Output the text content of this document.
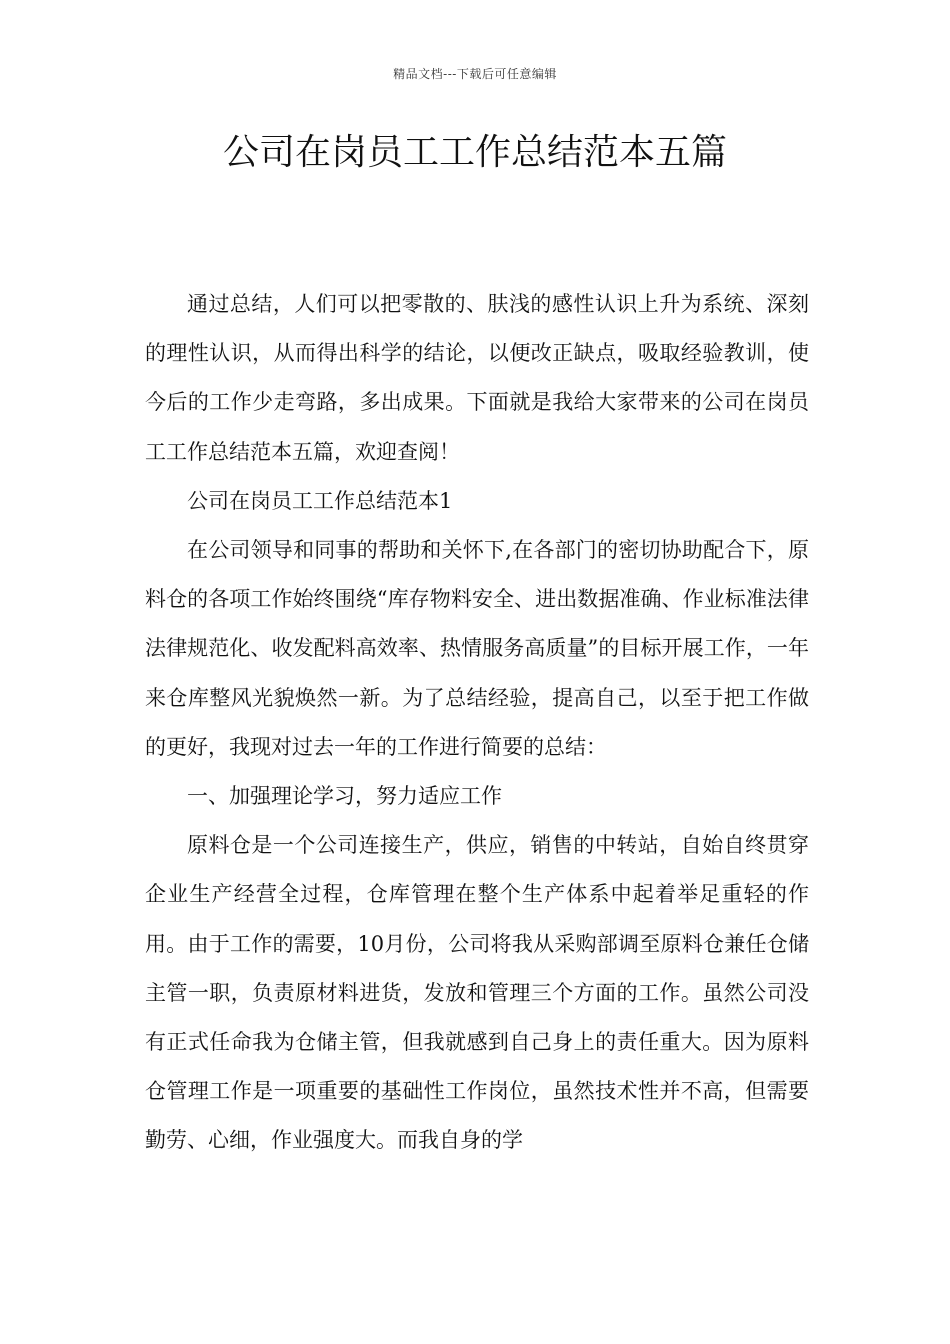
精品文档---下载后可任意编辑
公司在岗员工工作总结范本五篇

通过总结，人们可以把零散的、肤浅的感性认识上升为系统、深刻的理性认识，从而得出科学的结论，以便改正缺点，吸取经验教训，使今后的工作少走弯路，多出成果。下面就是我给大家带来的公司在岗员工工作总结范本五篇，欢迎查阅！

公司在岗员工工作总结范本1

在公司领导和同事的帮助和关怀下,在各部门的密切协助配合下，原料仓的各项工作始终围绕“库存物料安全、进出数据准确、作业标准法律法律规范化、收发配料高效率、热情服务高质量”的目标开展工作，一年来仓库整风光貌焕然一新。为了总结经验，提高自己，以至于把工作做的更好，我现对过去一年的工作进行简要的总结：

一、加强理论学习，努力适应工作

原料仓是一个公司连接生产，供应，销售的中转站，自始自终贯穿企业生产经营全过程，仓库管理在整个生产体系中起着举足重轻的作用。由于工作的需要，10月份，公司将我从采购部调至原料仓兼任仓储主管一职，负责原材料进货，发放和管理三个方面的工作。虽然公司没有正式任命我为仓储主管，但我就感到自己身上的责任重大。因为原料仓管理工作是一项重要的基础性工作岗位，虽然技术性并不高，但需要勤劳、心细，作业强度大。而我自身的学
